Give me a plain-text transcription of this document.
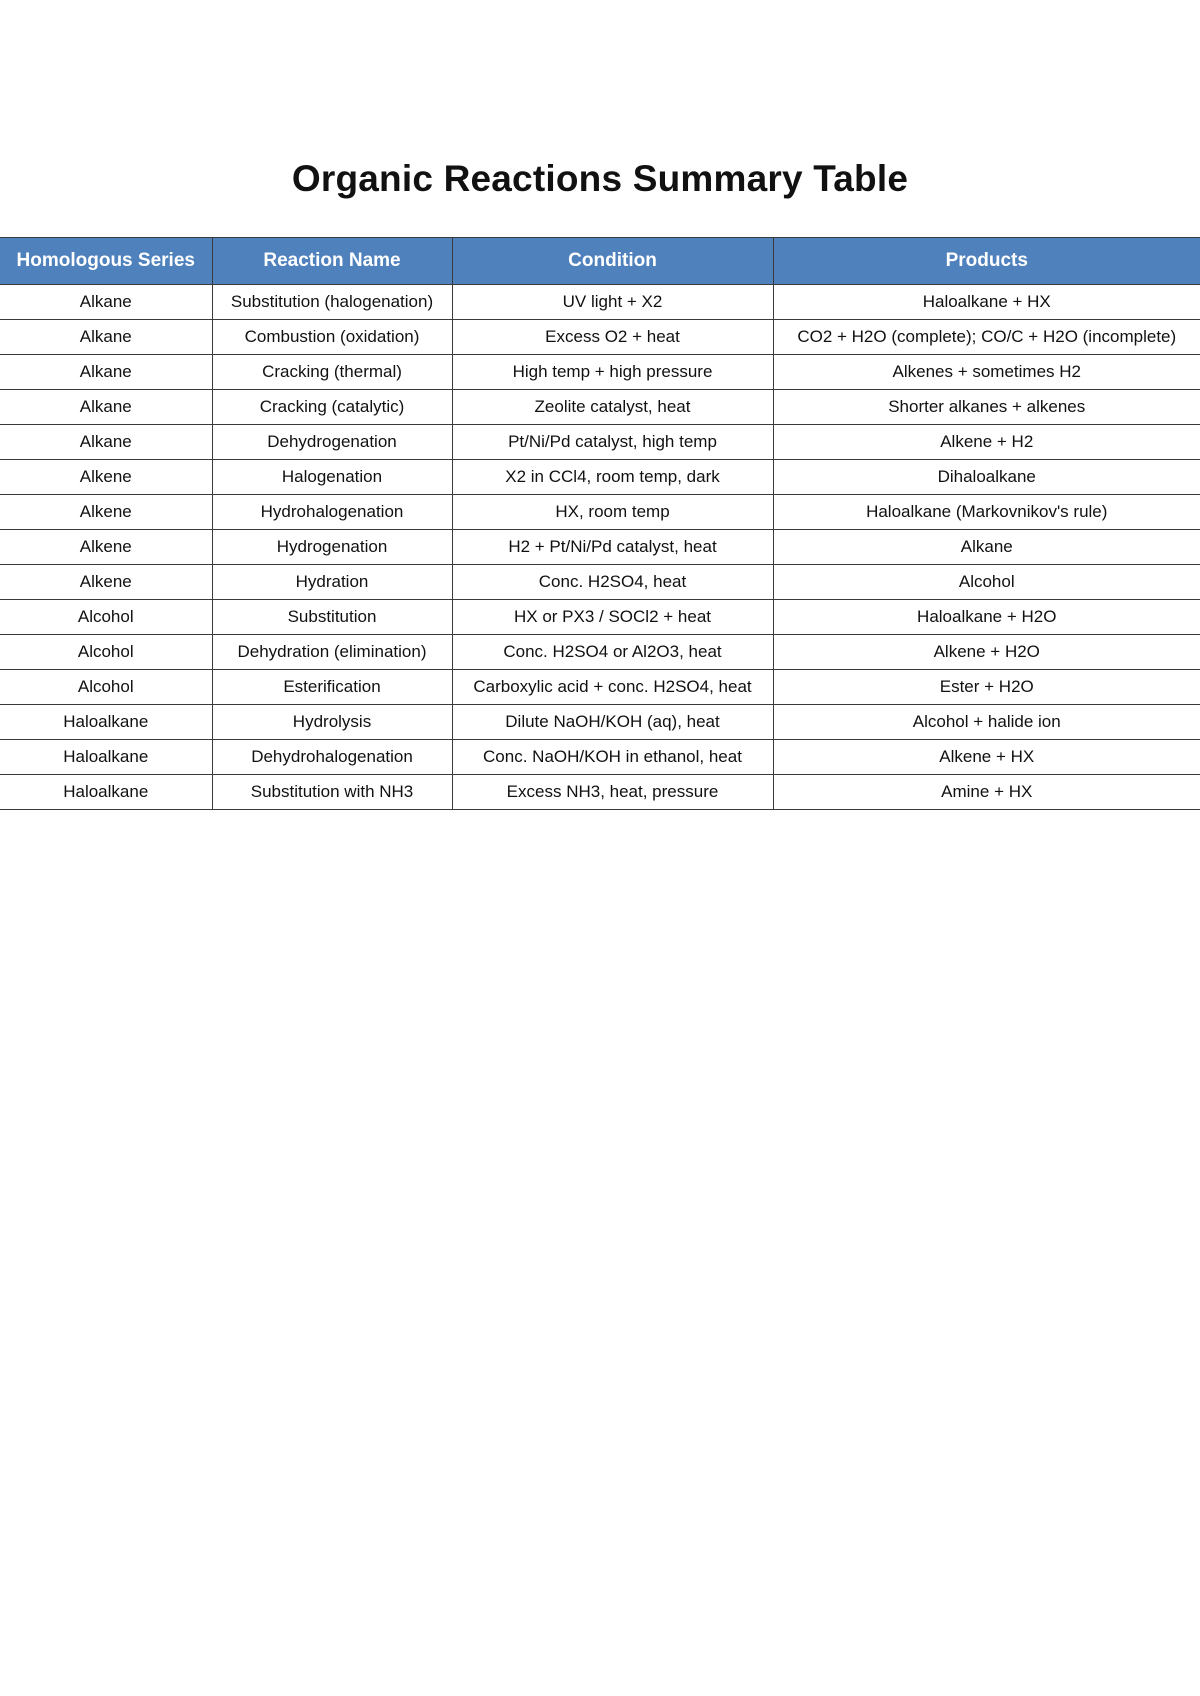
Organic Reactions Summary Table
Homologous Series	Reaction Name	Condition	Products
Alkane	Substitution (halogenation)	UV light + X2	Haloalkane + HX
Alkane	Combustion (oxidation)	Excess O2 + heat	CO2 + H2O (complete); CO/C + H2O (incomplete)
Alkane	Cracking (thermal)	High temp + high pressure	Alkenes + sometimes H2
Alkane	Cracking (catalytic)	Zeolite catalyst, heat	Shorter alkanes + alkenes
Alkane	Dehydrogenation	Pt/Ni/Pd catalyst, high temp	Alkene + H2
Alkene	Halogenation	X2 in CCl4, room temp, dark	Dihaloalkane
Alkene	Hydrohalogenation	HX, room temp	Haloalkane (Markovnikov's rule)
Alkene	Hydrogenation	H2 + Pt/Ni/Pd catalyst, heat	Alkane
Alkene	Hydration	Conc. H2SO4, heat	Alcohol
Alcohol	Substitution	HX or PX3 / SOCl2 + heat	Haloalkane + H2O
Alcohol	Dehydration (elimination)	Conc. H2SO4 or Al2O3, heat	Alkene + H2O
Alcohol	Esterification	Carboxylic acid + conc. H2SO4, heat	Ester + H2O
Haloalkane	Hydrolysis	Dilute NaOH/KOH (aq), heat	Alcohol + halide ion
Haloalkane	Dehydrohalogenation	Conc. NaOH/KOH in ethanol, heat	Alkene + HX
Haloalkane	Substitution with NH3	Excess NH3, heat, pressure	Amine + HX
